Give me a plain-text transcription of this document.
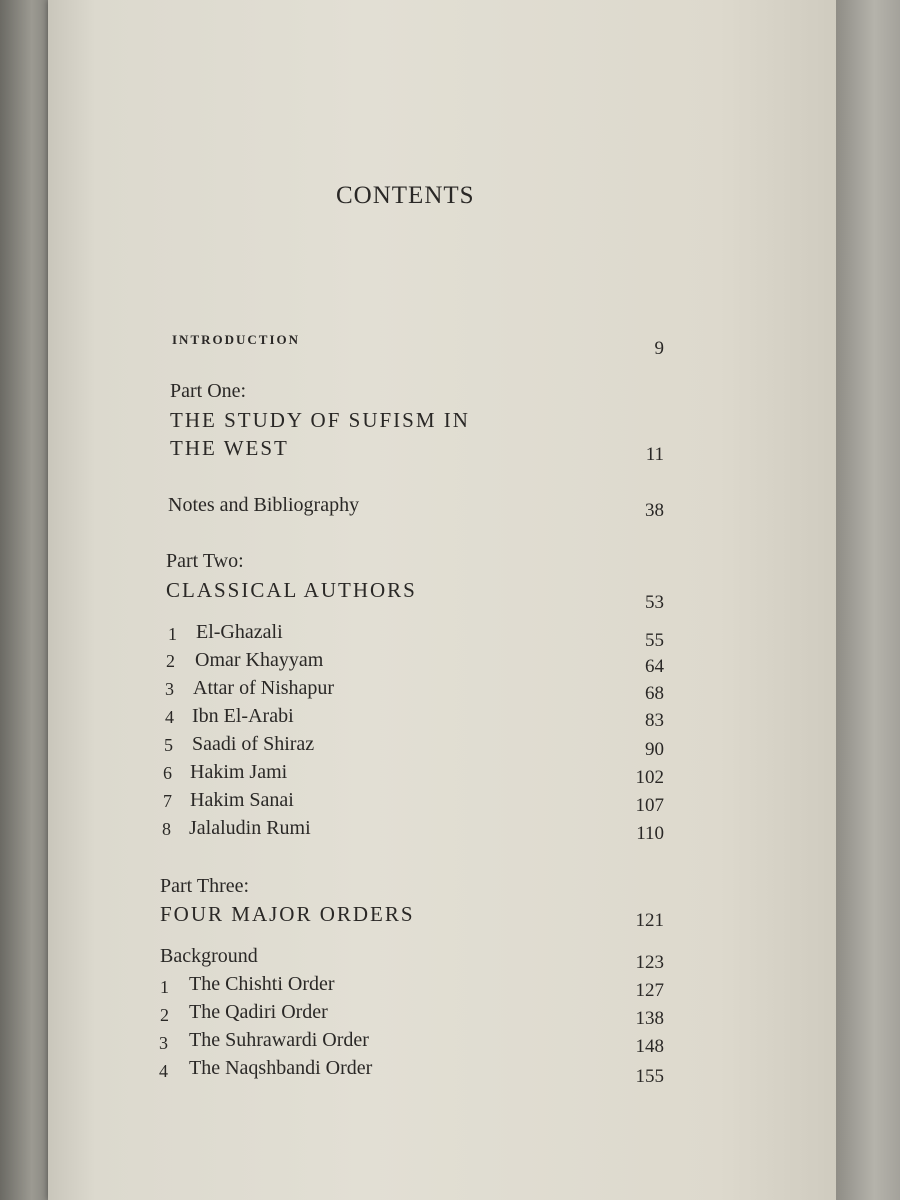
CONTENTS
INTRODUCTION	9
Part One:
THE STUDY OF SUFISM IN
THE WEST	11
Notes and Bibliography	38
Part Two:
CLASSICAL AUTHORS
53
1 El-Ghazali	55
2	Omar Khayyam	64
3 Attar of Nishapur	68
4 Ibn El-Arabi	83
5 Saadi of Shiraz	90
6 Hakim Jami	102
7 Hakim Sanai	107
8 Jalaludin Rumi	110
Part Three:
FOUR MAJOR ORDERS	121
Background	123
1	The Chishti Order	127
2	The Qadiri Order	138
3	The Suhrawardi Order	148
4	The Naqshbandi Order	155
